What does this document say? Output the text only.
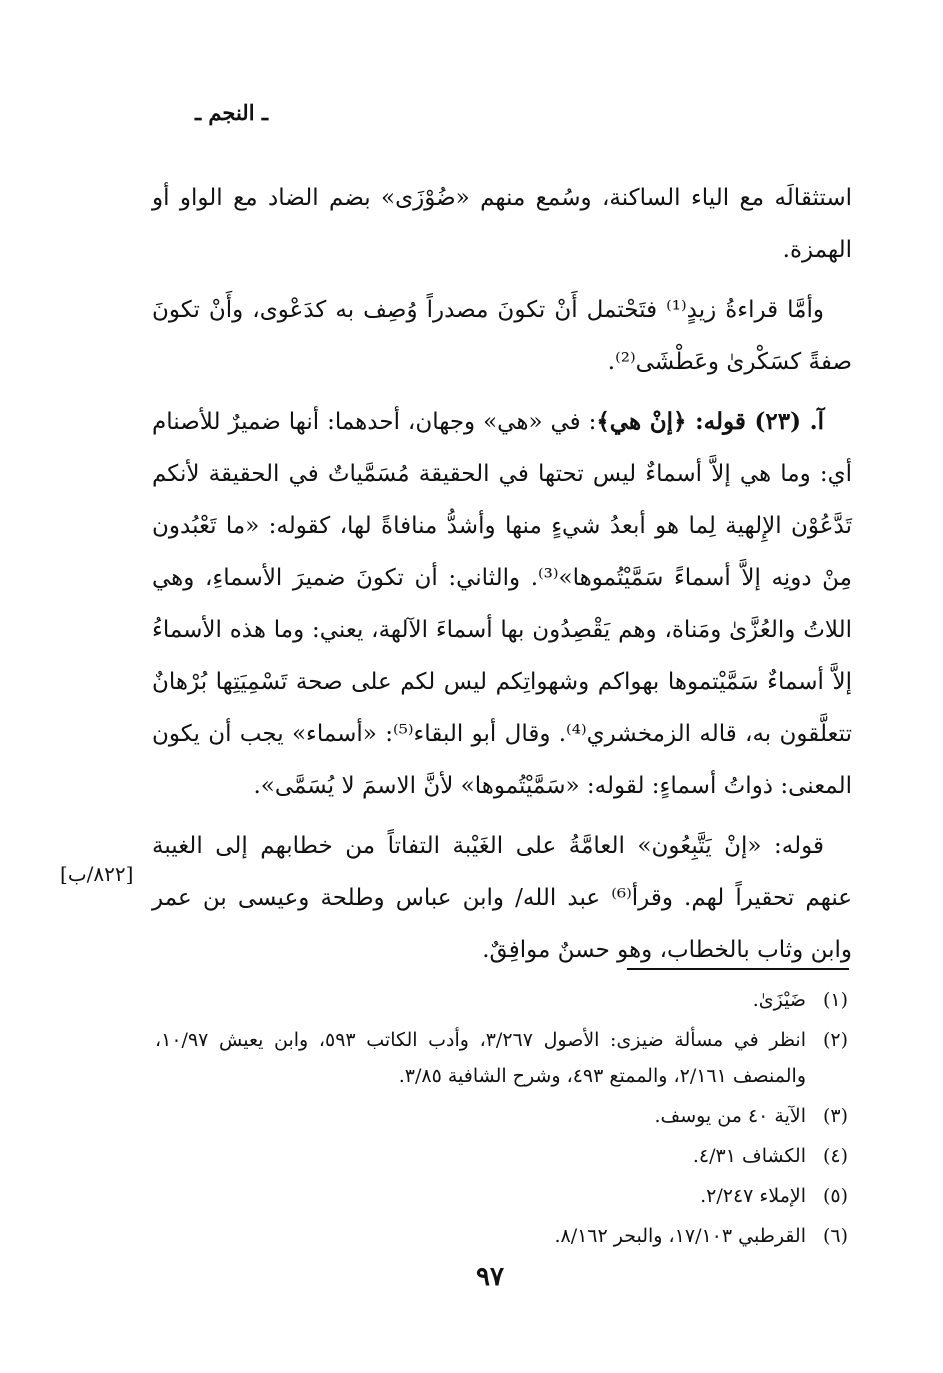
ـ النجم ـ

استثقالَه مع الياء الساكنة، وسُمع منهم «ضُوْزَى» بضم الضاد مع الواو أو الهمزة.

وأمَّا قراءةُ زيدٍ⁽¹⁾ فتَحْتمل أَنْ تكونَ مصدراً وُصِف به كدَعْوى، وأَنْ تكونَ صفةً كسَكْرىٰ وعَطْشَى⁽²⁾.

آ. (٢٣) قوله: ﴿إنْ هي﴾: في «هي» وجهان، أحدهما: أنها ضميرٌ للأصنام أي: وما هي إلاَّ أسماءٌ ليس تحتها في الحقيقة مُسَمَّياتٌ في الحقيقة لأنكم تَدَّعُوْن الإِلهية لِما هو أبعدُ شيءٍ منها وأشدُّ منافاةً لها، كقوله: «ما تَعْبُدون مِنْ دونِه إلاَّ أسماءً سَمَّيْتُموها»⁽³⁾. والثاني: أن تكونَ ضميرَ الأسماءِ، وهي اللاتُ والعُزَّىٰ ومَناة، وهم يَقْصِدُون بها أسماءَ الآلهة، يعني: وما هذه الأسماءُ إلاَّ أسماءٌ سَمَّيْتموها بهواكم وشهواتِكم ليس لكم على صحة تَسْمِيَتِها بُرْهانٌ تتعلَّقون به، قاله الزمخشري⁽⁴⁾. وقال أبو البقاء⁽⁵⁾: «أسماء» يجب أن يكون المعنى: ذواتُ أسماءٍ: لقوله: «سَمَّيْتُموها» لأنَّ الاسمَ لا يُسَمَّى».

قوله: «إنْ يَتَّبِعُون» العامَّةُ على الغَيْبة التفاتاً من خطابهم إلى الغيبة عنهم تحقيراً لهم. وقرأ⁽⁶⁾ عبد الله/ وابن عباس وطلحة وعيسى بن عمر وابن وثاب بالخطاب، وهو حسنٌ موافِقٌ.

[٨٢٢/ب]
(١)
ضَيْزَىٰ.
(٢)
انظر في مسألة ضيزى: الأصول ٣/٢٦٧، وأدب الكاتب ٥٩٣، وابن يعيش ١٠/٩٧، والمنصف ٢/١٦١، والممتع ٤٩٣، وشرح الشافية ٣/٨٥.
(٣)
الآية ٤٠ من يوسف.
(٤)
الكشاف ٤/٣١.
(٥)
الإملاء ٢/٢٤٧.
(٦)
القرطبي ١٧/١٠٣، والبحر ٨/١٦٢.
٩٧
